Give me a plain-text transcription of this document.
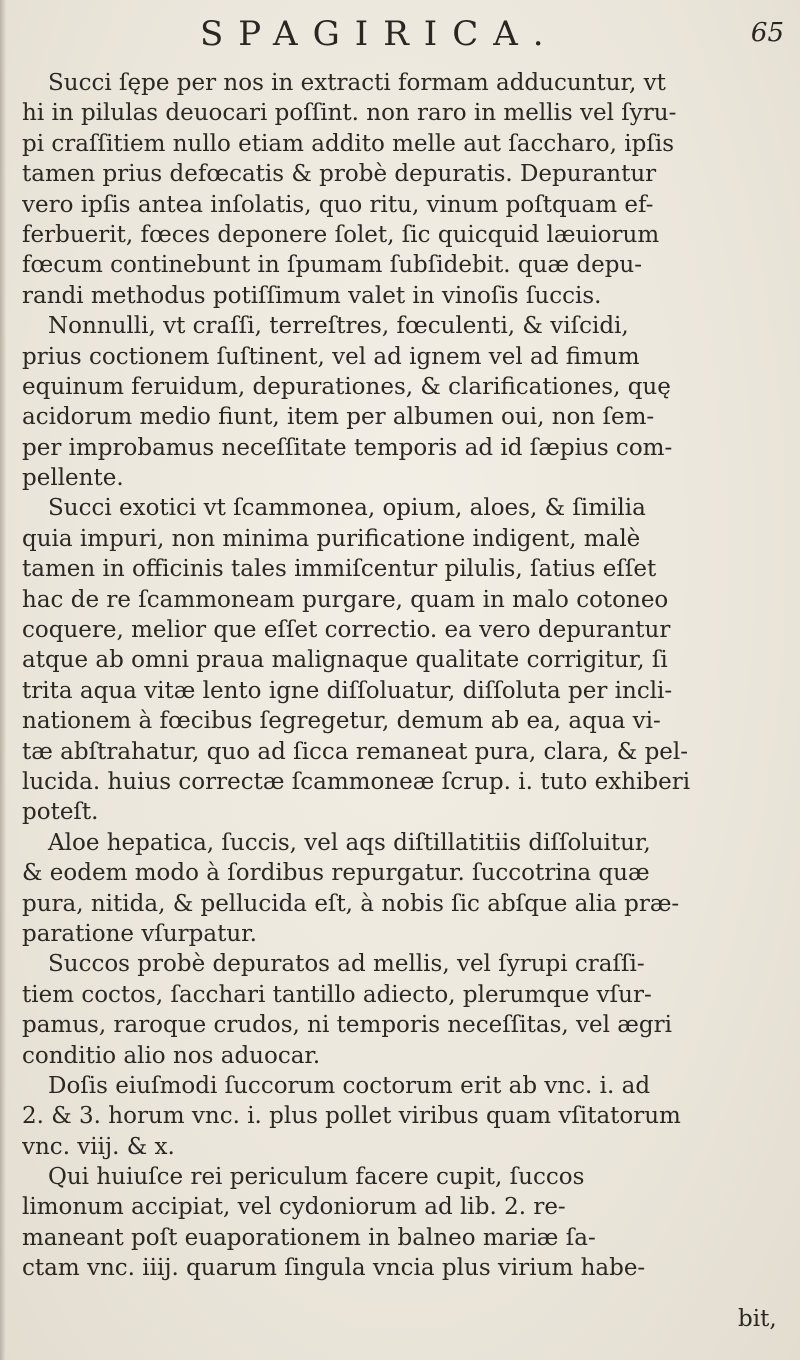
SPAGIRICA.	65
Succi ſępe per nos in extracti formam adducuntur, vt
hi in pilulas deuocari poſſint. non raro in mellis vel ſyru-
pi craſſitiem nullo etiam addito melle aut ſaccharo, ipſis
tamen prius defœcatis & probè depuratis. Depurantur
vero ipſis antea inſolatis, quo ritu, vinum poſtquam ef-
ferbuerit, fœces deponere ſolet, ſic quicquid læuiorum
fœcum continebunt in ſpumam ſubſidebit. quæ depu-
randi methodus potiſſimum valet in vinoſis ſuccis.
Nonnulli, vt craſſi, terreſtres, fœculenti, & viſcidi,
prius coctionem ſuſtinent, vel ad ignem vel ad fimum
equinum feruidum, depurationes, & clarificationes, quę
acidorum medio fiunt, item per albumen oui, non ſem-
per improbamus neceſſitate temporis ad id ſæpius com-
pellente.
Succi exotici vt ſcammonea, opium, aloes, & ſimilia
quia impuri, non minima purificatione indigent, malè
tamen in officinis tales immiſcentur pilulis, ſatius eſſet
hac de re ſcammoneam purgare, quam in malo cotoneo
coquere, melior que eſſet correctio. ea vero depurantur
atque ab omni praua malignaque qualitate corrigitur, ſi
trita aqua vitæ lento igne diſſoluatur, diſſoluta per incli-
nationem à fœcibus ſegregetur, demum ab ea, aqua vi-
tæ abſtrahatur, quo ad ſicca remaneat pura, clara, & pel-
lucida. huius correctæ ſcammoneæ ſcrup. i. tuto exhiberi
poteſt.
Aloe hepatica, ſuccis, vel aqs diſtillatitiis diſſoluitur,
& eodem modo à ſordibus repurgatur. ſuccotrina quæ
pura, nitida, & pellucida eſt, à nobis ſic abſque alia præ-
paratione vſurpatur.
Succos probè depuratos ad mellis, vel ſyrupi craſſi-
tiem coctos, ſacchari tantillo adiecto, plerumque vſur-
pamus, raroque crudos, ni temporis neceſſitas, vel ægri
conditio alio nos aduocar.
Doſis eiuſmodi ſuccorum coctorum erit ab vnc. i. ad
2. & 3. horum vnc. i. plus pollet viribus quam vſitatorum
vnc. viij. & x.
Qui huiuſce rei periculum facere cupit, ſuccos
limonum accipiat, vel cydoniorum ad lib. 2. re-
maneant poſt euaporationem in balneo mariæ ſa-
ctam vnc. iiij. quarum ſingula vncia plus virium habe-
bit,
